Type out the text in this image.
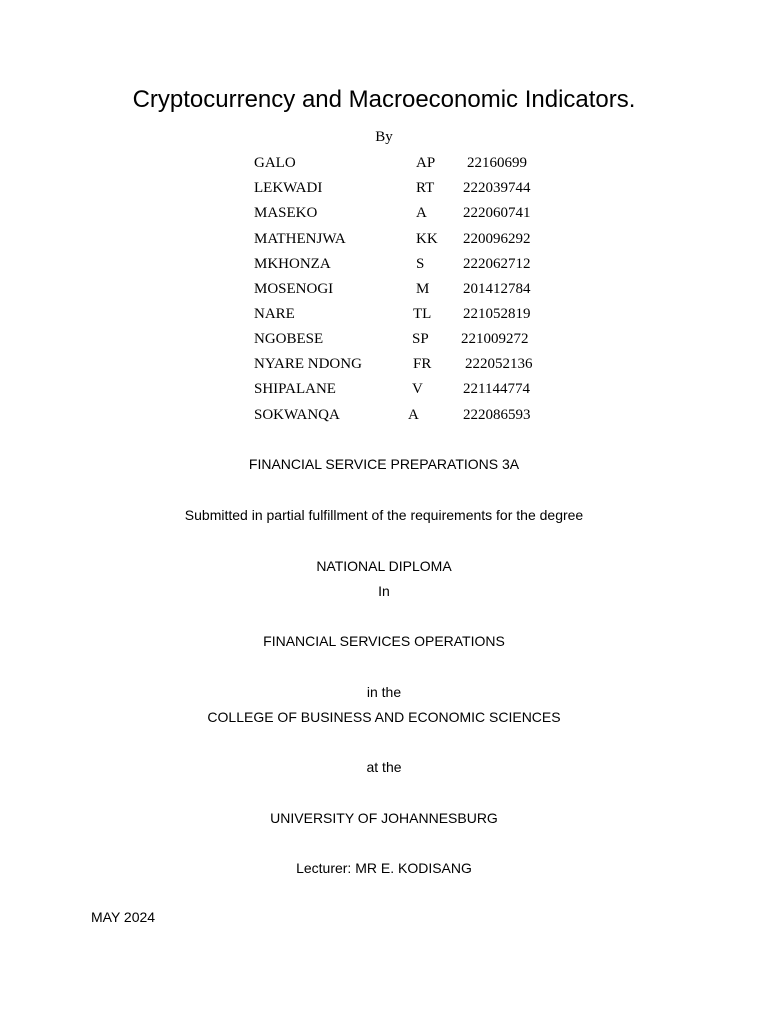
Cryptocurrency and Macroeconomic Indicators.
By
GALO	AP 22160699
LEKWADI	RT 222039744
MASEKO	A 222060741
MATHENJWA	KK 220096292
MKHONZA	S	222062712
MOSENOGI	M 201412784
NARE	TL 221052819
NGOBESE	SP 221009272
NYARE NDONG	FR 222052136
SHIPALANE	V	221144774
SOKWANQA	A	222086593
FINANCIAL SERVICE PREPARATIONS 3A
Submitted in partial fulfillment of the requirements for the degree
NATIONAL DIPLOMA
In
FINANCIAL SERVICES OPERATIONS
in the
COLLEGE OF BUSINESS AND ECONOMIC SCIENCES
at the
UNIVERSITY OF JOHANNESBURG
Lecturer: MR E. KODISANG
MAY 2024
